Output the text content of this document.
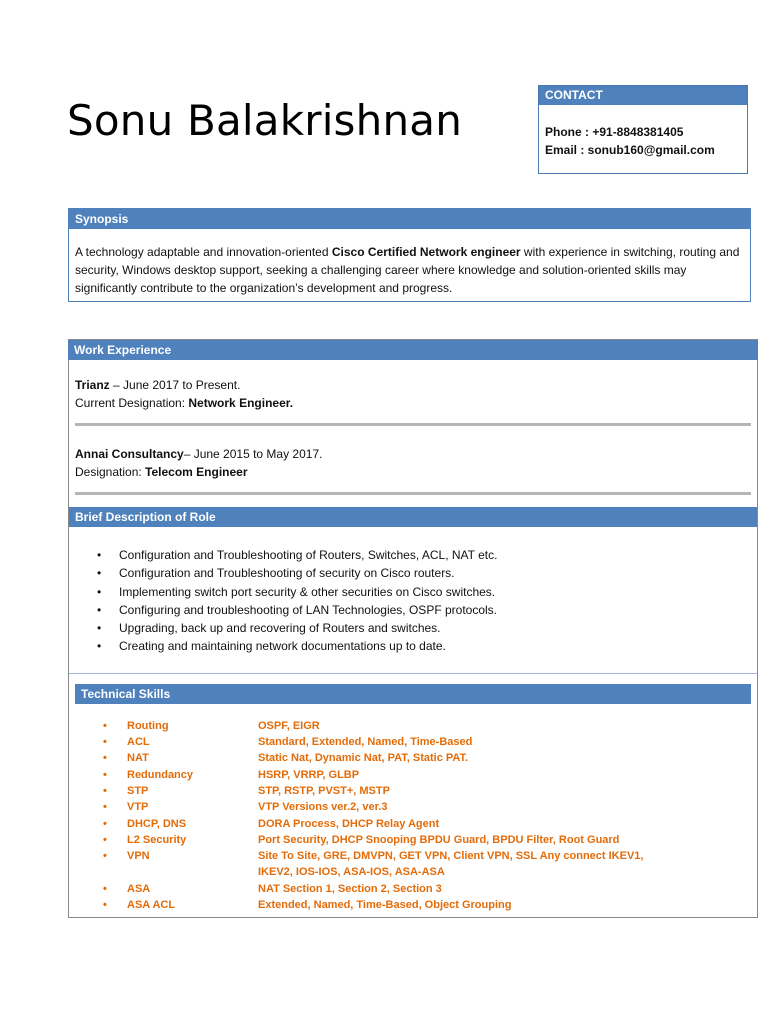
Sonu Balakrishnan
CONTACT
Phone : +91-8848381405
Email : sonub160@gmail.com
Synopsis

A technology adaptable and innovation-oriented Cisco Certified Network engineer with experience in switching, routing and security, Windows desktop support, seeking a challenging career where knowledge and solution-oriented skills may significantly contribute to the organization’s development and progress.

Work Experience
Trianz – June 2017 to Present.
Current Designation: Network Engineer.
Annai Consultancy– June 2015 to May 2017.
Designation: Telecom Engineer
Brief Description of Role
• Configuration and Troubleshooting of Routers, Switches, ACL, NAT etc.
• Configuration and Troubleshooting of security on Cisco routers.
• Implementing switch port security & other securities on Cisco switches.
• Configuring and troubleshooting of LAN Technologies, OSPF protocols.
• Upgrading, back up and recovering of Routers and switches.
• Creating and maintaining network documentations up to date.
Technical Skills
• Routing	OSPF, EIGR
• ACL	Standard, Extended, Named, Time-Based
• NAT	Static Nat, Dynamic Nat, PAT, Static PAT.
• Redundancy	HSRP, VRRP, GLBP
• STP	STP, RSTP, PVST+, MSTP
• VTP	VTP Versions ver.2, ver.3
• DHCP, DNS	DORA Process, DHCP Relay Agent
• L2 Security	Port Security, DHCP Snooping BPDU Guard, BPDU Filter, Root Guard
• VPN	Site To Site, GRE, DMVPN, GET VPN, Client VPN, SSL Any connect IKEV1,
IKEV2, IOS-IOS, ASA-IOS, ASA-ASA
• ASA	NAT Section 1, Section 2, Section 3
• ASA ACL	Extended, Named, Time-Based, Object Grouping
